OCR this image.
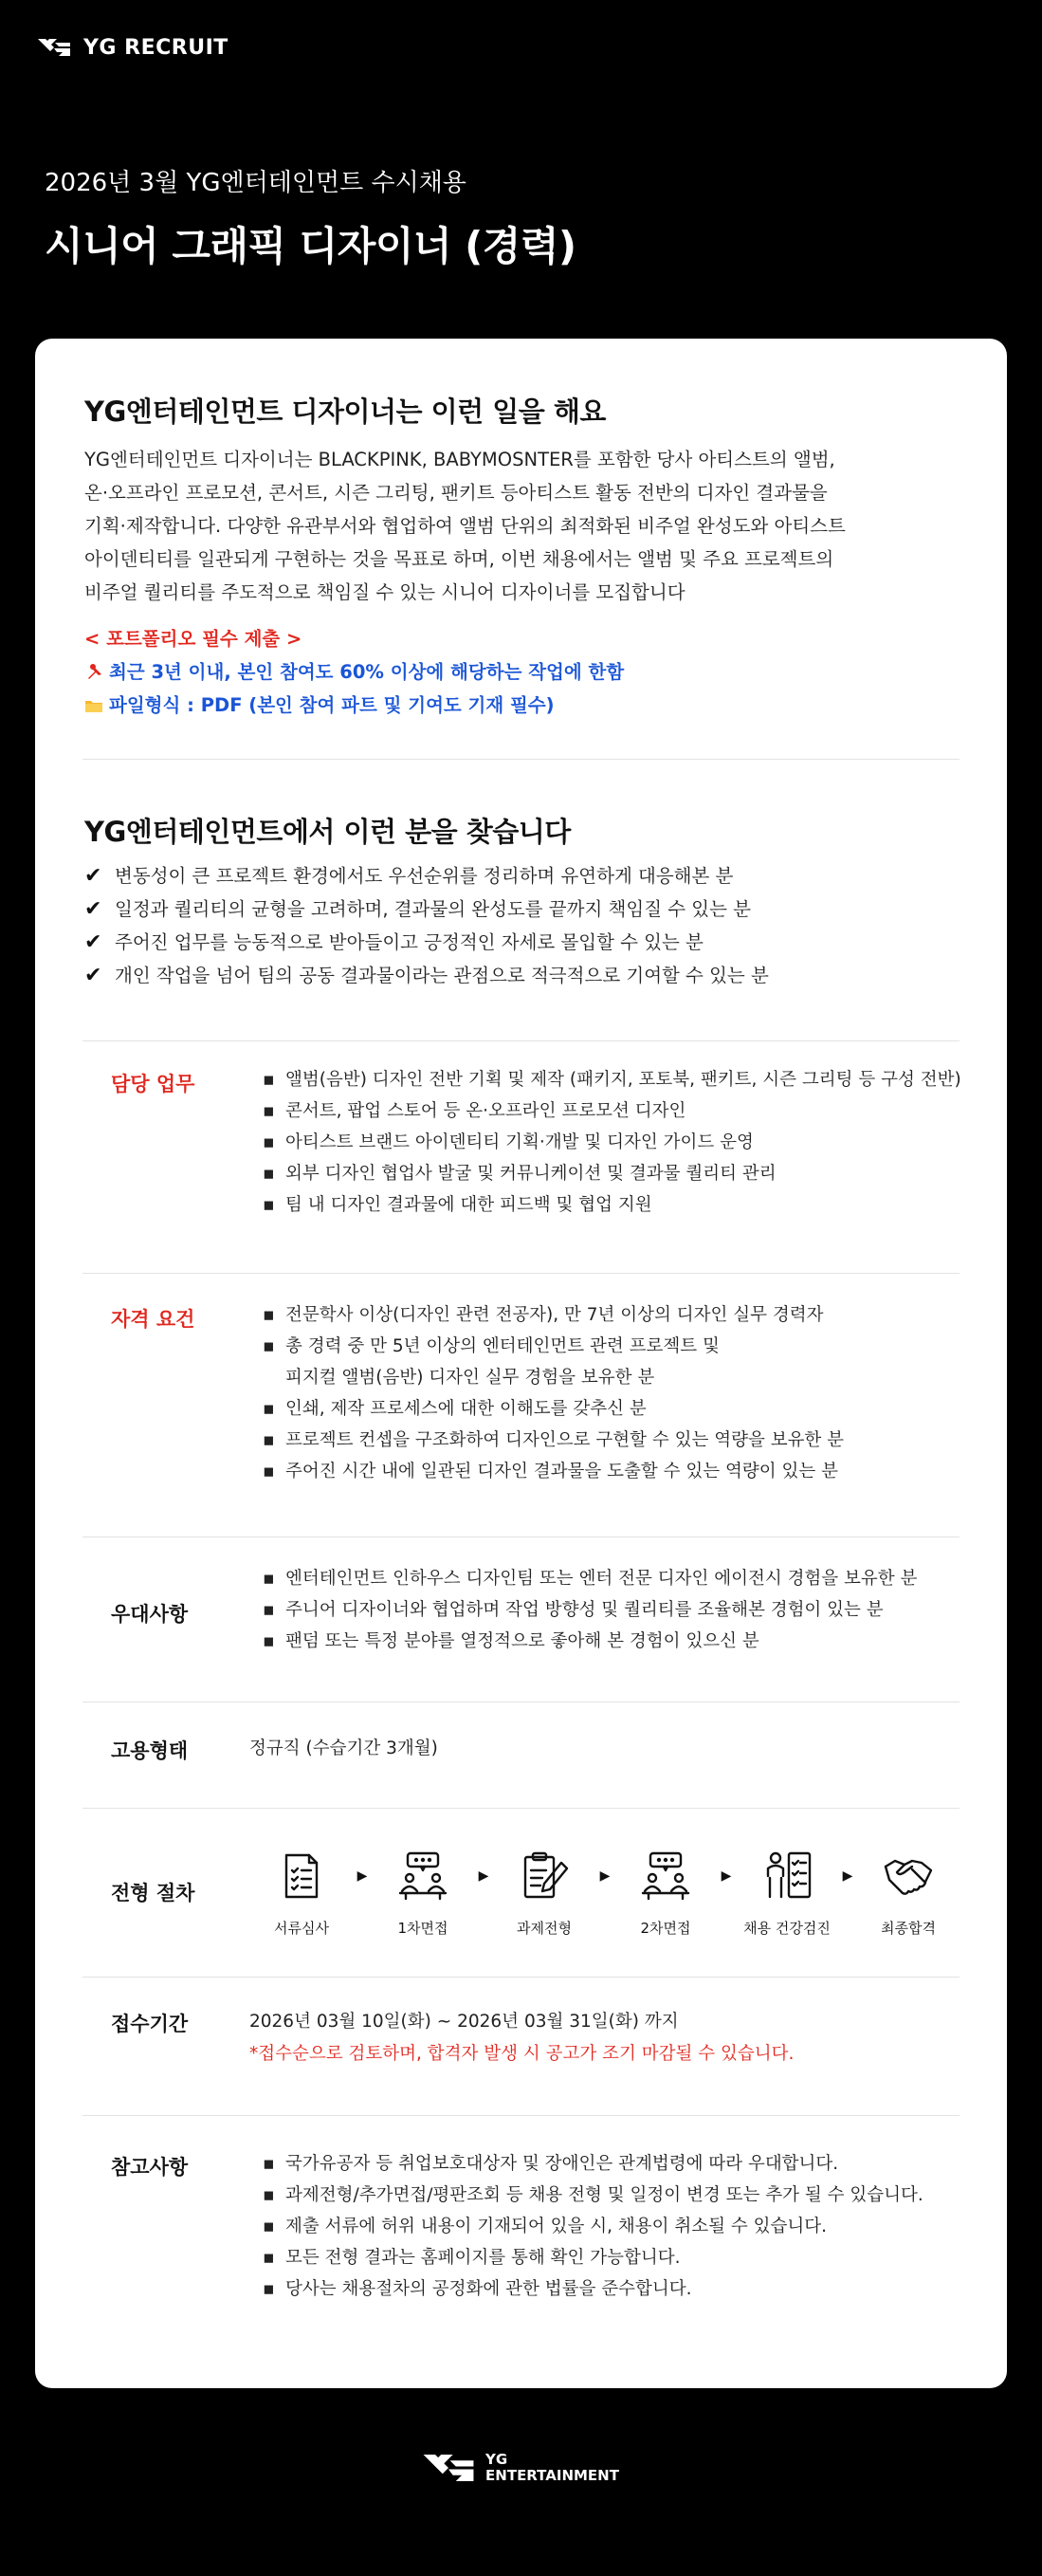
YG RECRUIT
2026년 3월 YG엔터테인먼트 수시채용
시니어 그래픽 디자이너 (경력)
YG엔터테인먼트 디자이너는 이런 일을 해요
YG엔터테인먼트 디자이너는 BLACKPINK, BABYMOSNTER를 포함한 당사 아티스트의 앨범,
온·오프라인 프로모션, 콘서트, 시즌 그리팅, 팬키트 등아티스트 활동 전반의 디자인 결과물을
기획·제작합니다. 다양한 유관부서와 협업하여 앨범 단위의 최적화된 비주얼 완성도와 아티스트
아이덴티티를 일관되게 구현하는 것을 목표로 하며, 이번 채용에서는 앨범 및 주요 프로젝트의
비주얼 퀄리티를 주도적으로 책임질 수 있는 시니어 디자이너를 모집합니다
< 포트폴리오 필수 제출 >
최근 3년 이내, 본인 참여도 60% 이상에 해당하는 작업에 한함
파일형식 : PDF (본인 참여 파트 및 기여도 기재 필수)
YG엔터테인먼트에서 이런 분을 찾습니다
✔ 변동성이 큰 프로젝트 환경에서도 우선순위를 정리하며 유연하게 대응해본 분
✔ 일정과 퀄리티의 균형을 고려하며, 결과물의 완성도를 끝까지 책임질 수 있는 분
✔ 주어진 업무를 능동적으로 받아들이고 긍정적인 자세로 몰입할 수 있는 분
✔ 개인 작업을 넘어 팀의 공동 결과물이라는 관점으로 적극적으로 기여할 수 있는 분
담당 업무	▪ 앨범(음반) 디자인 전반 기획 및 제작 (패키지, 포토북, 팬키트, 시즌 그리팅 등 구성 전반)
▪ 콘서트, 팝업 스토어 등 온·오프라인 프로모션 디자인
▪ 아티스트 브랜드 아이덴티티 기획·개발 및 디자인 가이드 운영
▪ 외부 디자인 협업사 발굴 및 커뮤니케이션 및 결과물 퀄리티 관리
▪ 팀 내 디자인 결과물에 대한 피드백 및 협업 지원
자격 요건	▪ 전문학사 이상(디자인 관련 전공자), 만 7년 이상의 디자인 실무 경력자
▪ 총 경력 중 만 5년 이상의 엔터테인먼트 관련 프로젝트 및
피지컬 앨범(음반) 디자인 실무 경험을 보유한 분
▪ 인쇄, 제작 프로세스에 대한 이해도를 갖추신 분
▪ 프로젝트 컨셉을 구조화하여 디자인으로 구현할 수 있는 역량을 보유한 분
▪ 주어진 시간 내에 일관된 디자인 결과물을 도출할 수 있는 역량이 있는 분
우대사항
▪ 엔터테인먼트 인하우스 디자인팀 또는 엔터 전문 디자인 에이전시 경험을 보유한 분
▪ 주니어 디자이너와 협업하며 작업 방향성 및 퀄리티를 조율해본 경험이 있는 분
▪ 팬덤 또는 특정 분야를 열정적으로 좋아해 본 경험이 있으신 분
고용형태	정규직 (수습기간 3개월)
전형 절차
서류심사
▶
1차면접
▶
과제전형
▶
2차면접
▶
채용 건강검진
▶
최종합격
접수기간	2026년 03월 10일(화) ~ 2026년 03월 31일(화) 까지
*접수순으로 검토하며, 합격자 발생 시 공고가 조기 마감될 수 있습니다.
참고사항	▪ 국가유공자 등 취업보호대상자 및 장애인은 관계법령에 따라 우대합니다.
▪ 과제전형/추가면접/평판조회 등 채용 전형 및 일정이 변경 또는 추가 될 수 있습니다.
▪ 제출 서류에 허위 내용이 기재되어 있을 시, 채용이 취소될 수 있습니다.
▪ 모든 전형 결과는 홈페이지를 통해 확인 가능합니다.
▪ 당사는 채용절차의 공정화에 관한 법률을 준수합니다.
YG
ENTERTAINMENT
